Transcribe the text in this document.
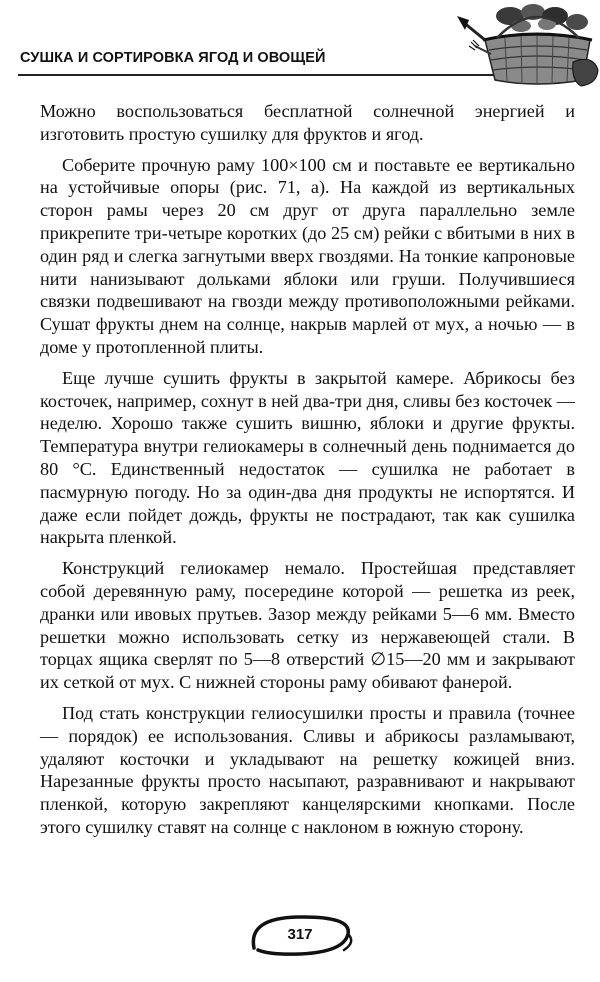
СУШКА И СОРТИРОВКА ЯГОД И ОВОЩЕЙ

Можно воспользоваться бесплатной солнечной энергией и изготовить простую сушилку для фруктов и ягод.

Соберите прочную раму 100×100 см и поставьте ее вертикально на устойчивые опоры (рис. 71, а). На каждой из вертикальных сторон рамы через 20 см друг от друга параллельно земле прикрепите три-четыре коротких (до 25 см) рейки с вбитыми в них в один ряд и слегка загнутыми вверх гвоздями. На тонкие капроновые нити нанизывают дольками яблоки или груши. Получившиеся связки подвешивают на гвозди между противоположными рейками. Сушат фрукты днем на солнце, накрыв марлей от мух, а ночью — в доме у протопленной плиты.

Еще лучше сушить фрукты в закрытой камере. Абрикосы без косточек, например, сохнут в ней два-три дня, сливы без косточек — неделю. Хорошо также сушить вишню, яблоки и другие фрукты. Температура внутри гелиокамеры в солнечный день поднимается до 80 °С. Единственный недостаток — сушилка не работает в пасмурную погоду. Но за один-два дня продукты не испортятся. И даже если пойдет дождь, фрукты не пострадают, так как сушилка накрыта пленкой.

Конструкций гелиокамер немало. Простейшая представляет собой деревянную раму, посередине которой — решетка из реек, дранки или ивовых прутьев. Зазор между рейками 5—6 мм. Вместо решетки можно использовать сетку из нержавеющей стали. В торцах ящика сверлят по 5—8 отверстий ∅15—20 мм и закрывают их сеткой от мух. С нижней стороны раму обивают фанерой.

Под стать конструкции гелиосушилки просты и правила (точнее — порядок) ее использования. Сливы и абрикосы разламывают, удаляют косточки и укладывают на решетку кожицей вниз. Нарезанные фрукты просто насыпают, разравнивают и накрывают пленкой, которую закрепляют канцелярскими кнопками. После этого сушилку ставят на солнце с наклоном в южную сторону.

317
